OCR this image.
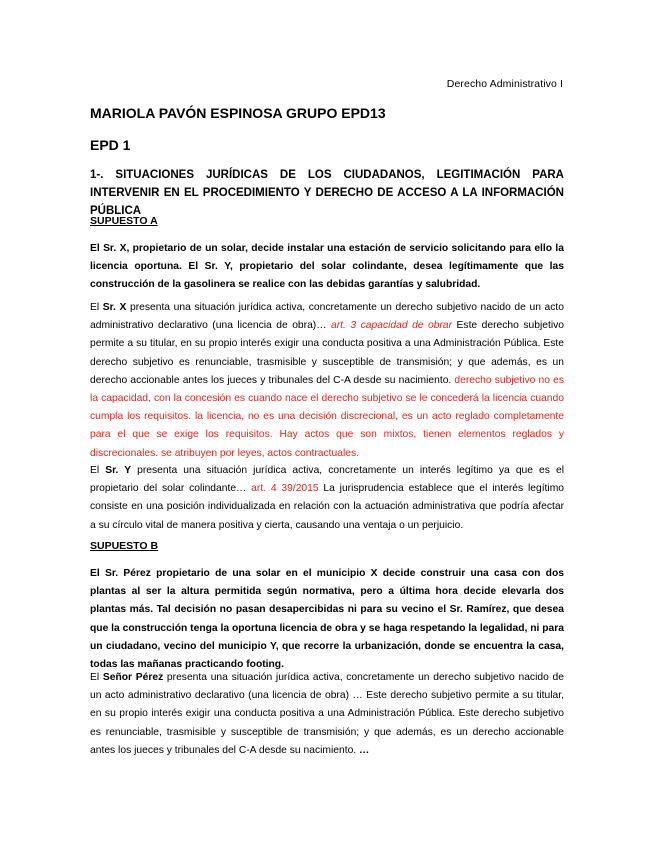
Derecho Administrativo I
MARIOLA PAVÓN ESPINOSA GRUPO EPD13
EPD 1
1-. SITUACIONES JURÍDICAS DE LOS CIUDADANOS, LEGITIMACIÓN PARA INTERVENIR EN EL PROCEDIMIENTO Y DERECHO DE ACCESO A LA INFORMACIÓN PÚBLICA
SUPUESTO A

El Sr. X, propietario de un solar, decide instalar una estación de servicio solicitando para ello la licencia oportuna. El Sr. Y, propietario del solar colindante, desea legítimamente que las construcción de la gasolinera se realice con las debidas garantías y salubridad.

El Sr. X presenta una situación jurídica activa, concretamente un derecho subjetivo nacido de un acto administrativo declarativo (una licencia de obra)… art. 3 capacidad de obrar Este derecho subjetivo permite a su titular, en su propio interés exigir una conducta positiva a una Administración Pública. Este derecho subjetivo es renunciable, trasmisible y susceptible de transmisión; y que además, es un derecho accionable antes los jueces y tribunales del C-A desde su nacimiento. derecho subjetivo no es la capacidad, con la concesión es cuando nace el derecho subjetivo se le concederá la licencia cuando cumpla los requisitos. la licencia, no es una decisión discrecional, es un acto reglado completamente para el que se exige los requisitos. Hay actos que son mixtos, tienen elementos reglados y discrecionales. se atribuyen por leyes, actos contractuales.

El Sr. Y presenta una situación jurídica activa, concretamente un interés legítimo ya que es el propietario del solar colindante… art. 4 39/2015 La jurisprudencia establece que el interés legítimo consiste en una posición individualizada en relación con la actuación administrativa que podría afectar a su círculo vital de manera positiva y cierta, causando una ventaja o un perjuicio.

SUPUESTO B

El Sr. Pérez propietario de una solar en el municipio X decide construir una casa con dos plantas al ser la altura permitida según normativa, pero a última hora decide elevarla dos plantas más. Tal decisión no pasan desapercibidas ni para su vecino el Sr. Ramírez, que desea que la construcción tenga la oportuna licencia de obra y se haga respetando la legalidad, ni para un ciudadano, vecino del municipio Y, que recorre la urbanización, donde se encuentra la casa, todas las mañanas practicando footing.

El Señor Pérez presenta una situación jurídica activa, concretamente un derecho subjetivo nacido de un acto administrativo declarativo (una licencia de obra) … Este derecho subjetivo permite a su titular, en su propio interés exigir una conducta positiva a una Administración Pública. Este derecho subjetivo es renunciable, trasmisible y susceptible de transmisión; y que además, es un derecho accionable antes los jueces y tribunales del C-A desde su nacimiento. …
